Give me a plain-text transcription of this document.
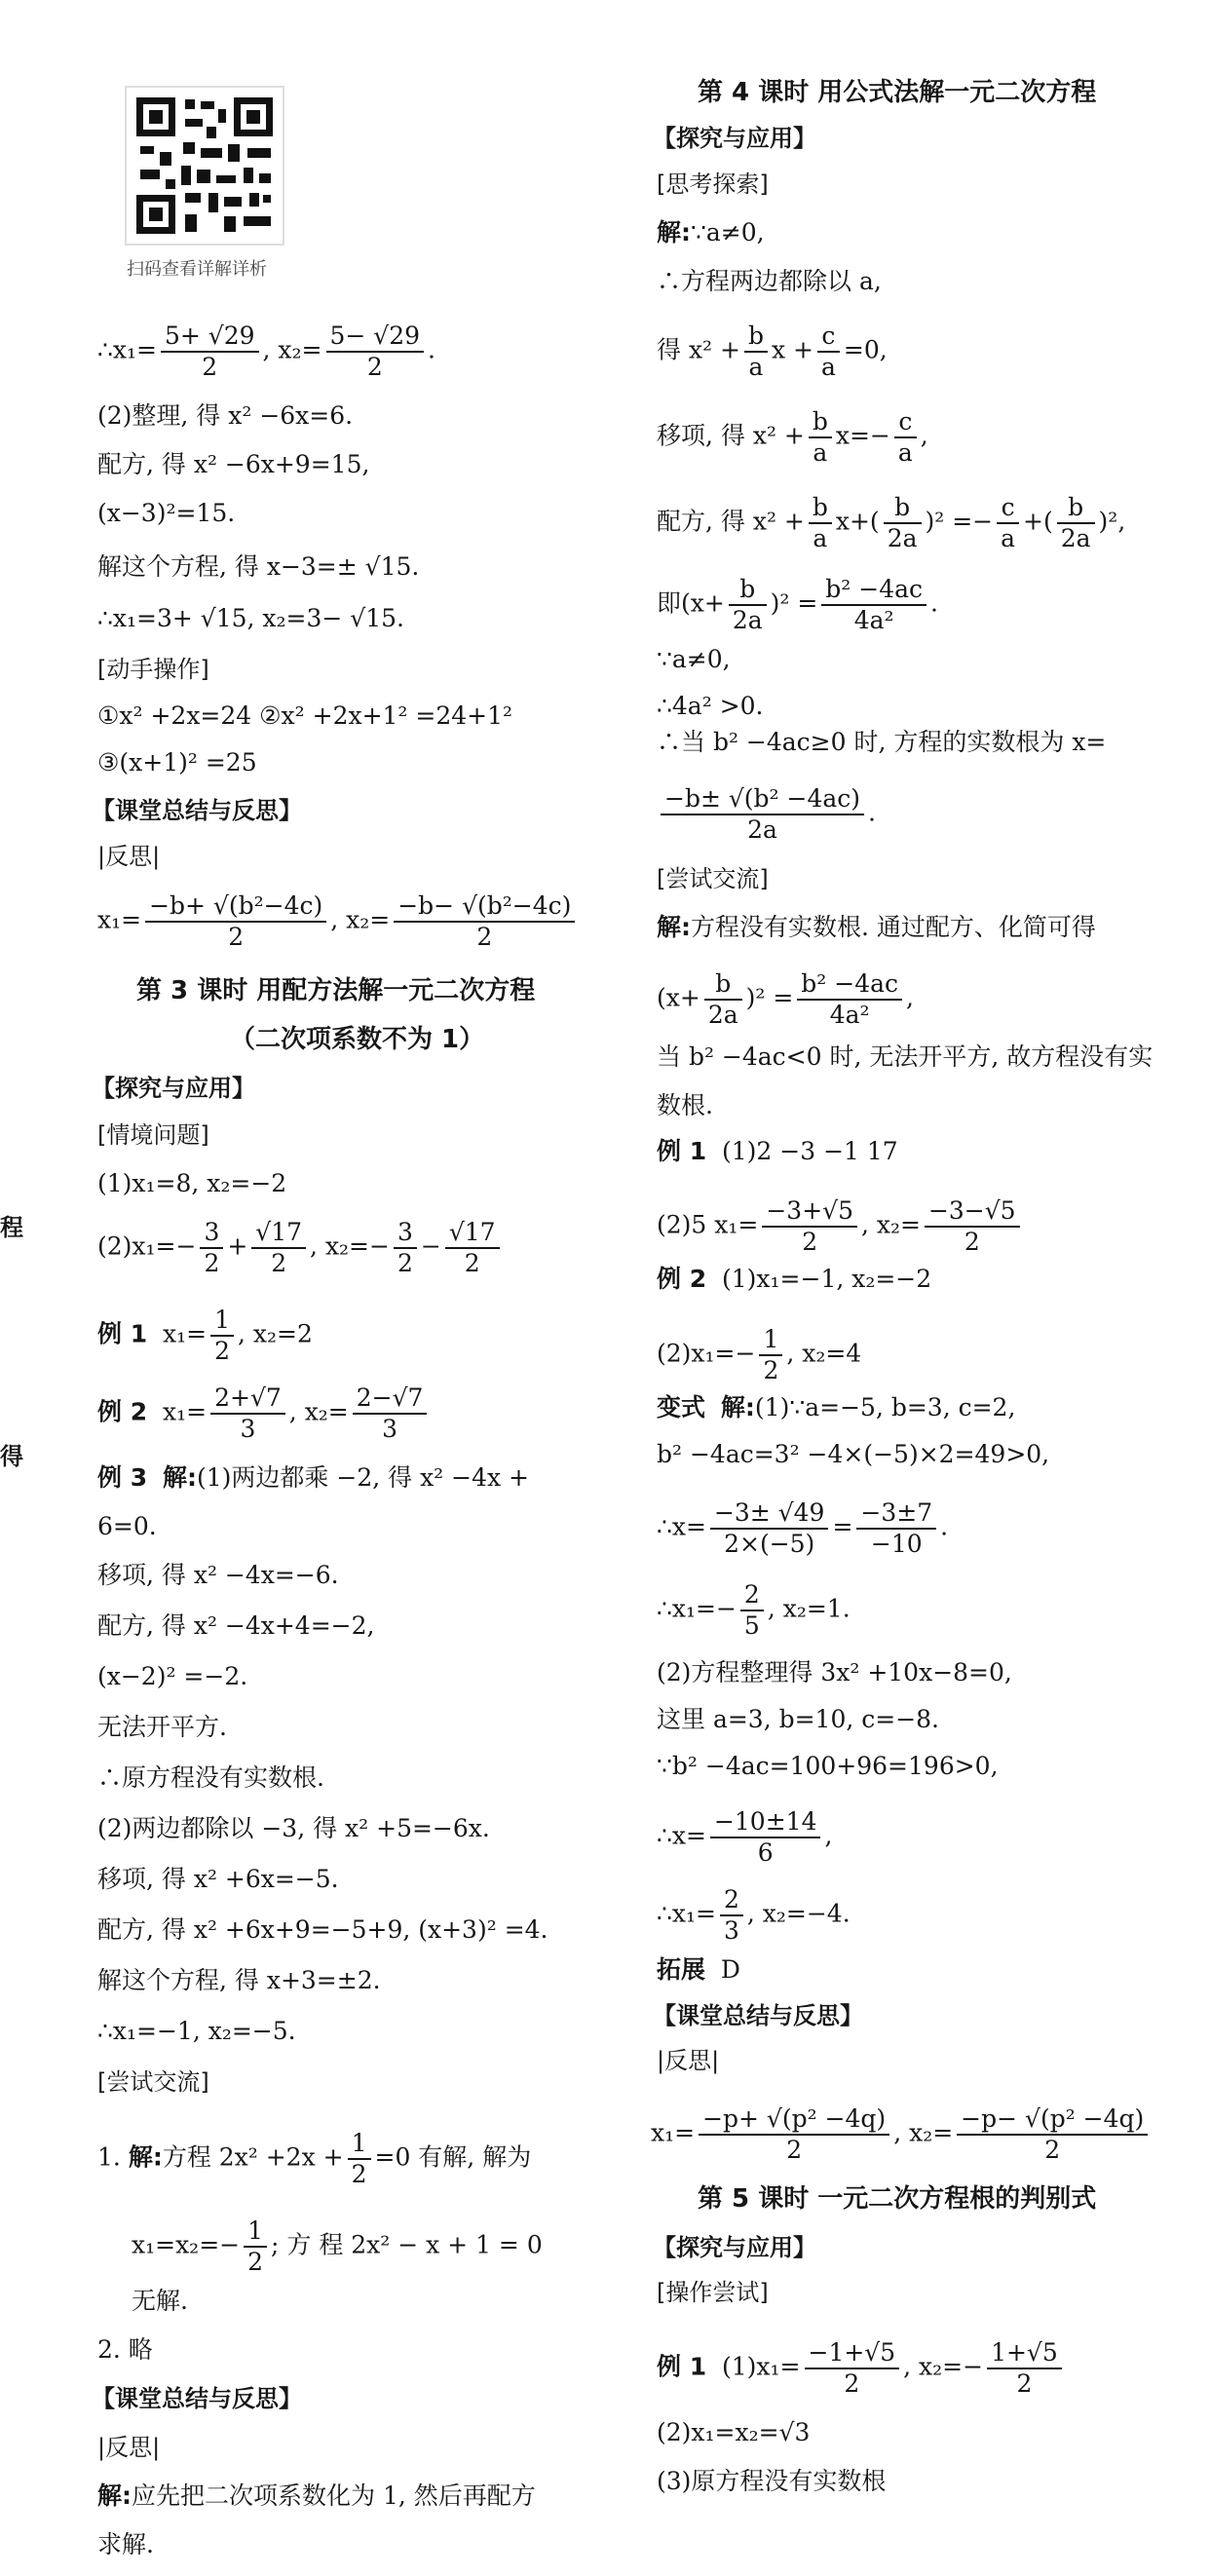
扫码查看详解详析
程
得
∴x₁= $\frac{5+ √29}{2}$ , $x_2= \frac{5- √29}{2}$ .
(2)整理, 得 x² −6x=6.
配方, 得 x² −6x+9=15,
(x−3)²=15.
解这个方程, 得 x−3=± √15.
∴x₁=3+ √15, x₂=3− √15.
[动手操作]
①x² +2x=24 ②x² +2x+1² =24+1²
③(x+1)² =25
【课堂总结与反思】
|反思|
$x_1= \frac{\text{−b+ √(b²−4c)}}{2}$ , $x_2= \frac{\text{−b− √(b²−4c)}}{2}$
第 3 课时 用配方法解一元二次方程
（二次项系数不为 1）
【探究与应用】
[情境问题]
(1)x₁=8, x₂=−2
$(2)x_1=- \frac{3}{2} + \frac{√17}{2}$ , $x_2=- \frac{3}{2} - \frac{√17}{2}$
例 1 $x_1= \frac{1}{2}$ , x₂=2
例 2 $x_1= \frac{2+√7}{3}$ , $x_2= \frac{2-√7}{3}$
例 3 解:(1)两边都乘 −2, 得 x² −4x +
6=0.
移项, 得 x² −4x=−6.
配方, 得 x² −4x+4=−2,
(x−2)² =−2.
无法开平方.
∴原方程没有实数根.
(2)两边都除以 −3, 得 x² +5=−6x.
移项, 得 x² +6x=−5.
配方, 得 x² +6x+9=−5+9, (x+3)² =4.
解这个方程, 得 x+3=±2.
∴x₁=−1, x₂=−5.
[尝试交流]
1. 解:方程 $2x^2 +2x + \frac{1}{2} =0$ 有解, 解为
$x_1=x_2=- \frac{1}{2}$ ; 方 程 2x² − x + 1 = 0
无解.
2. 略
【课堂总结与反思】
|反思|
解:应先把二次项系数化为 1, 然后再配方
求解.
第 4 课时 用公式法解一元二次方程
【探究与应用】
[思考探索]
解:∵a≠0,
∴方程两边都除以 a,
得 $x^2 + \frac{b}{a}$ $x + \frac{c}{a} =0$,
移项, 得 $x^2 + \frac{b}{a} x=- \frac{c}{a}$ ,
配方, 得 $x^2 + \frac{b}{a} x+( \frac{b}{2a} )^2 =- \frac{c}{a}$ +( $\frac{b}{2a} )^2$,
即$(x+ \frac{b}{2a} )^2 = \frac{\text{b² −4ac}}{\text{4a²}}$ .
∵a≠0,
∴4a² >0.
∴当 b² −4ac≥0 时, 方程的实数根为 x=
$\frac{\text{−b± √(b² −4ac)}}{2a}$ .
[尝试交流]
解:方程没有实数根. 通过配方、化简可得
$(x+ \frac{b}{2a} )^2 = \frac{\text{b² −4ac}}{\text{4a²}}$ ,
当 b² −4ac<0 时, 无法开平方, 故方程没有实
数根.
例 1 (1)2 −3 −1 17
(2)5 $x_1= \frac{-3+√5}{2}$ , $x_2= \frac{-3-√5}{2}$
例 2 (1)x₁=−1, x₂=−2
$(2)x_1=- \frac{1}{2}$ , x₂=4
变式 解:(1)∵a=−5, b=3, c=2,
b² −4ac=3² −4×(−5)×2=49>0,
∴x= $\frac{-3\pm √49}{2\times(-5)} = \frac{-3\pm 7}{-10}$ .
∴x₁=− $\frac{2}{5}$ , x₂=1.
(2)方程整理得 3x² +10x−8=0,
这里 a=3, b=10, c=−8.
∵b² −4ac=100+96=196>0,
∴x= $\frac{-10\pm 14}{6}$ ,
∴x₁= $\frac{2}{3}$ , x₂=−4.
拓展 D
【课堂总结与反思】
|反思|
$x_1= \frac{\text{−p+ √(p² −4q)}}{2}$ , $x_2= \frac{\text{−p− √(p² −4q)}}{2}$
第 5 课时 一元二次方程根的判别式
【探究与应用】
[操作尝试]
例 1 $(1)x_1= \frac{-1+√5}{2}$ , $x_2=- \frac{1+√5}{2}$
(2)x₁=x₂=√3
(3)原方程没有实数根
